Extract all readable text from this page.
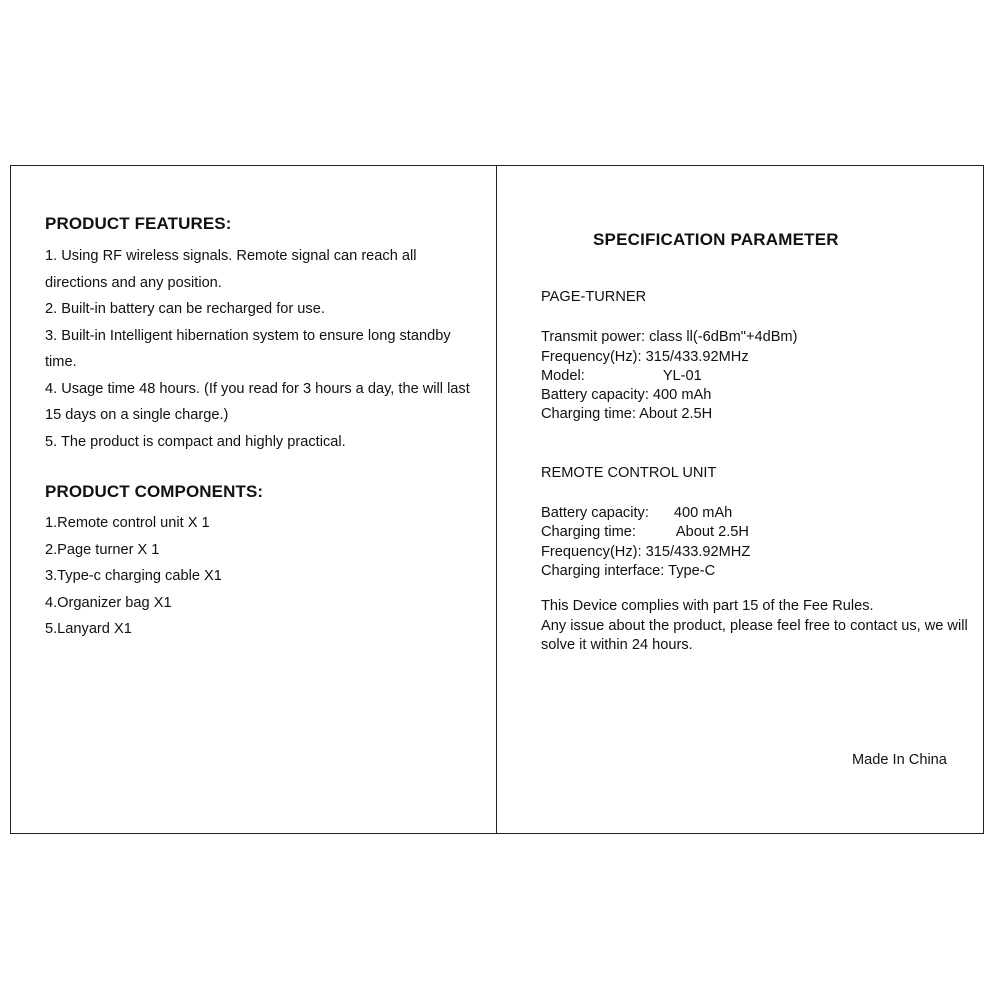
PRODUCT FEATURES:
1. Using RF wireless signals. Remote signal can reach all
directions and any position.
2. Built-in battery can be recharged for use.
3. Built-in Intelligent hibernation system to ensure long standby
time.
4. Usage time 48 hours. (If you read for 3 hours a day, the will last
15 days on a single charge.)
5. The product is compact and highly practical.
PRODUCT COMPONENTS:
1.Remote control unit X 1
2.Page turner X 1
3.Type-c charging cable X1
4.Organizer bag X1
5.Lanyard X1
SPECIFICATION PARAMETER
PAGE-TURNER
Transmit power: class ll(-6dBm"+4dBm)
Frequency(Hz): 315/433.92MHz
Model:	YL-01
Battery capacity: 400 mAh
Charging time: About 2.5H
REMOTE CONTROL UNIT
Battery capacity: 400 mAh
Charging time:	About 2.5H
Frequency(Hz): 315/433.92MHZ
Charging interface: Type-C
This Device complies with part 15 of the Fee Rules.
Any issue about the product, please feel free to contact us, we will
solve it within 24 hours.
Made In China
